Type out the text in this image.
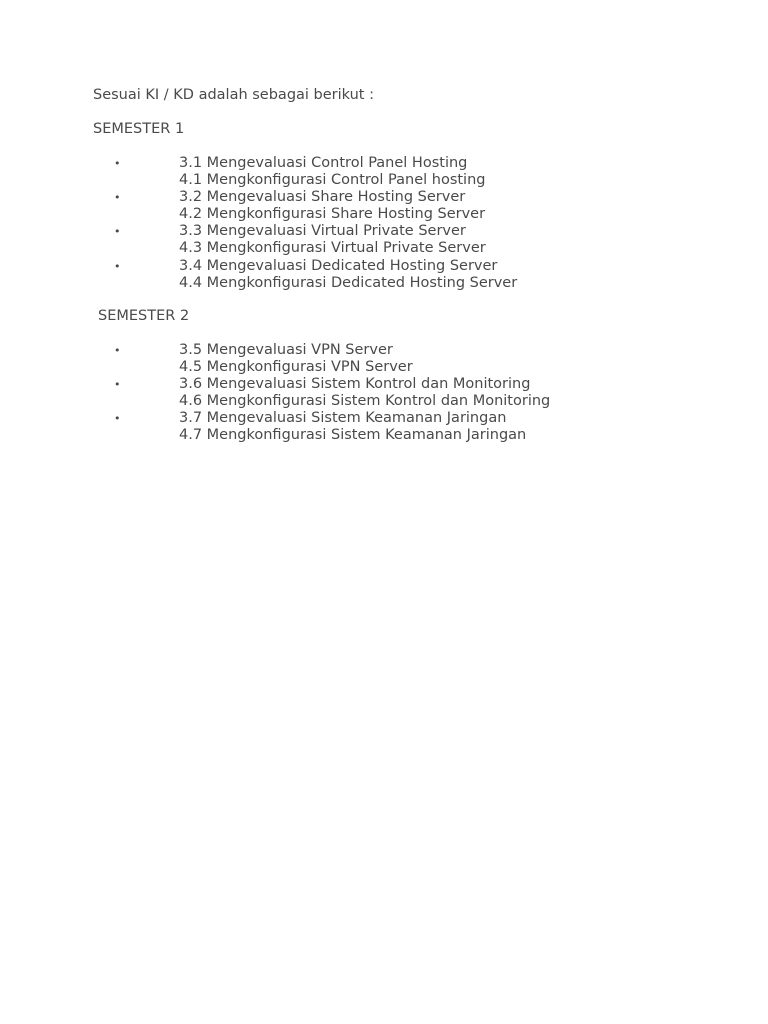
Sesuai KI / KD adalah sebagai berikut :
SEMESTER 1
•	3.1 Mengevaluasi Control Panel Hosting
4.1 Mengkonfigurasi Control Panel hosting
•	3.2 Mengevaluasi Share Hosting Server
4.2 Mengkonfigurasi Share Hosting Server
•	3.3 Mengevaluasi Virtual Private Server
4.3 Mengkonfigurasi Virtual Private Server
•	3.4 Mengevaluasi Dedicated Hosting Server
4.4 Mengkonfigurasi Dedicated Hosting Server
SEMESTER 2
•	3.5 Mengevaluasi VPN Server
4.5 Mengkonfigurasi VPN Server
•	3.6 Mengevaluasi Sistem Kontrol dan Monitoring
4.6 Mengkonfigurasi Sistem Kontrol dan Monitoring
•	3.7 Mengevaluasi Sistem Keamanan Jaringan
4.7 Mengkonfigurasi Sistem Keamanan Jaringan
